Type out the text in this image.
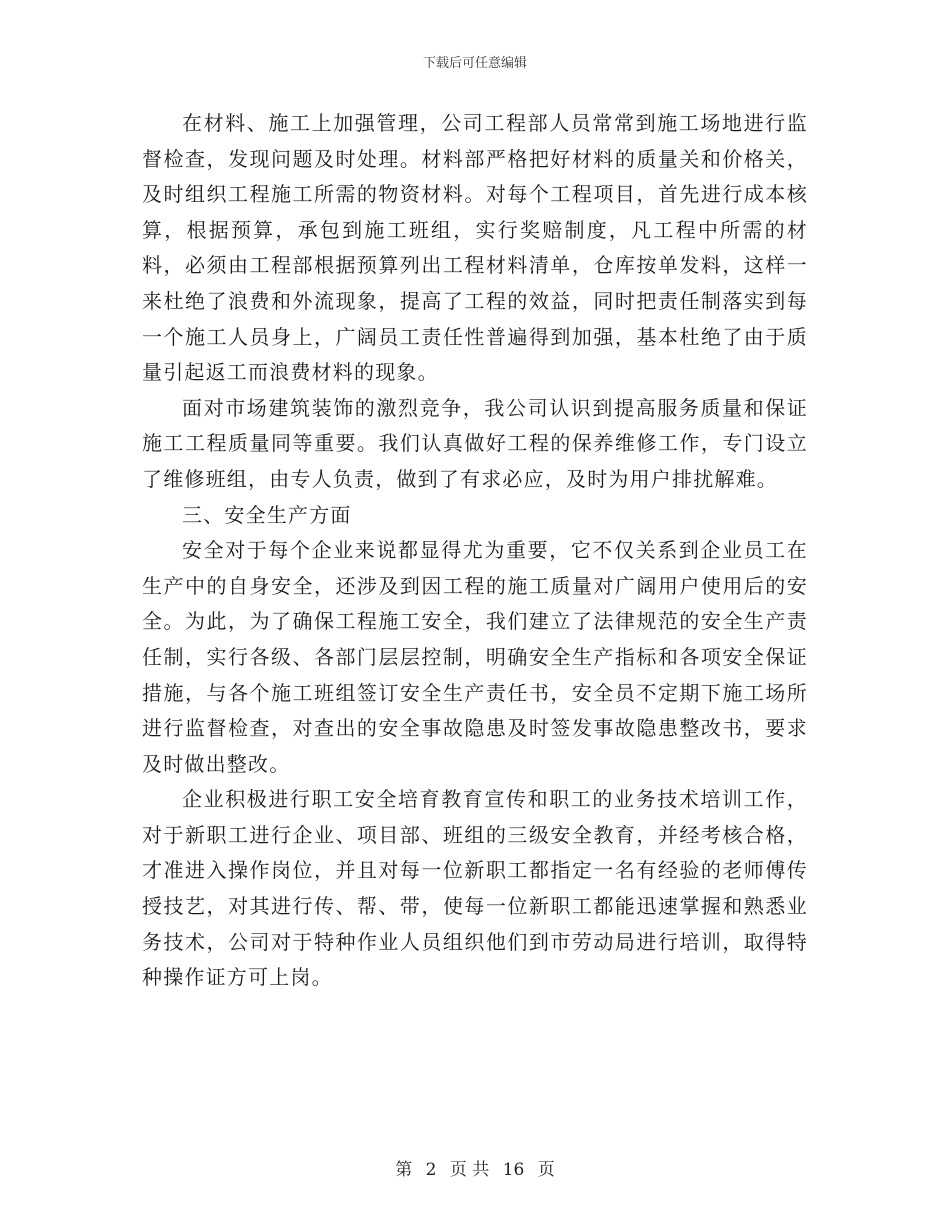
下载后可任意编辑

在材料、施工上加强管理，公司工程部人员常常到施工场地进行监督检查，发现问题及时处理。材料部严格把好材料的质量关和价格关，及时组织工程施工所需的物资材料。对每个工程项目，首先进行成本核算，根据预算，承包到施工班组，实行奖赔制度，凡工程中所需的材料，必须由工程部根据预算列出工程材料清单，仓库按单发料，这样一来杜绝了浪费和外流现象，提高了工程的效益，同时把责任制落实到每一个施工人员身上，广阔员工责任性普遍得到加强，基本杜绝了由于质量引起返工而浪费材料的现象。

面对市场建筑装饰的激烈竞争，我公司认识到提高服务质量和保证施工工程质量同等重要。我们认真做好工程的保养维修工作，专门设立了维修班组，由专人负责，做到了有求必应，及时为用户排扰解难。

三、安全生产方面

安全对于每个企业来说都显得尤为重要，它不仅关系到企业员工在生产中的自身安全，还涉及到因工程的施工质量对广阔用户使用后的安全。为此，为了确保工程施工安全，我们建立了法律规范的安全生产责任制，实行各级、各部门层层控制，明确安全生产指标和各项安全保证措施，与各个施工班组签订安全生产责任书，安全员不定期下施工场所进行监督检查，对查出的安全事故隐患及时签发事故隐患整改书，要求及时做出整改。

企业积极进行职工安全培育教育宣传和职工的业务技术培训工作，对于新职工进行企业、项目部、班组的三级安全教育，并经考核合格，才准进入操作岗位，并且对每一位新职工都指定一名有经验的老师傅传授技艺，对其进行传、帮、带，使每一位新职工都能迅速掌握和熟悉业务技术，公司对于特种作业人员组织他们到市劳动局进行培训，取得特种操作证方可上岗。

第 2 页 共 16 页
